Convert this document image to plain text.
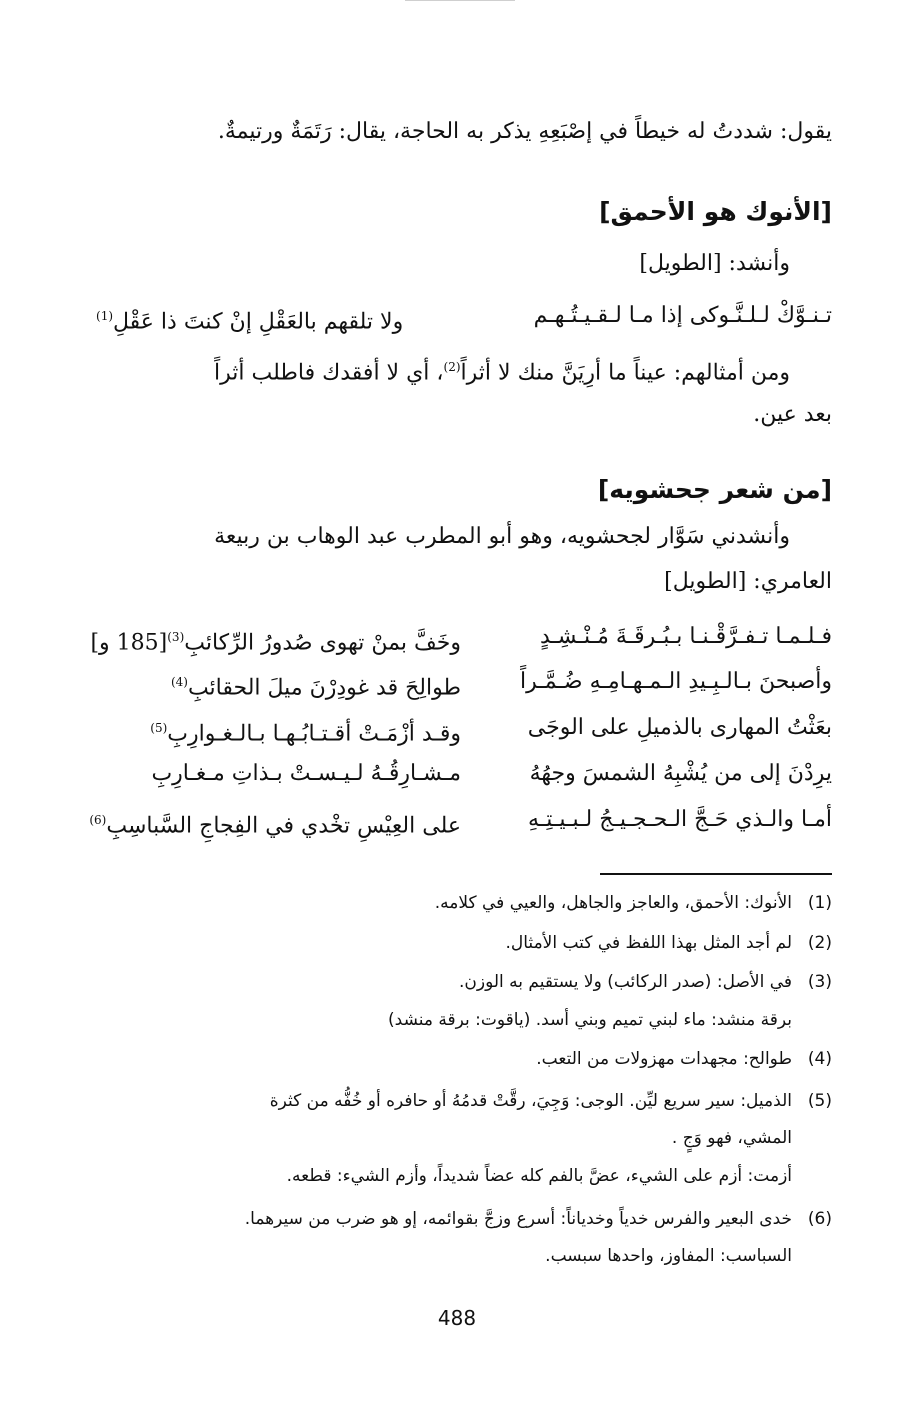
يقول: شددتُ له خيطاً في إصْبَعِهِ يذكر به الحاجة، يقال: رَتَمَةٌ ورتيمةٌ.
[الأنوك هو الأحمق]
وأنشد: [الطويل]
تـنـوَّكْ لـلـنَّـوكى إذا مـا لـقـيـتُـهـم
ولا تلقهم بالعَقْلِ إنْ كنتَ ذا عَقْلِ$^{(1)}$
ومن أمثالهم: عيناً ما أرِيَنَّ منك لا أثراً$^{(2)}$، أي لا أفقدك فاطلب أثراً
بعد عين.
[من شعر جحشويه]
وأنشدني سَوَّار لجحشويه، وهو أبو المطرب عبد الوهاب بن ربيعة
العامري: [الطويل]
فـلـمـا تـفـرَّقْـنـا بـبُـرقَـةَ مُـنْـشِـدٍ
وخَفَّ بمنْ تهوى صُدورُ الرِّكائبِ$^{(3)}$[185 و]
وأصبحنَ بـالـبِـيدِ الـمـهـامِـهِ ضُـمَّـراً
طوالِحَ قد غودِرْنَ ميلَ الحقائبِ$^{(4)}$
بعَثْتُ المهارى بالذميلِ على الوجَى
وقـد أزْمَـتْ أقـتـابُـهـا بـالـغـوارِبِ$^{(5)}$
يرِدْنَ إلى من يُشْبِهُ الشمسَ وجهُهُ
مـشـارِقُـهُ لـيـسـتْ بـذاتِ مـغـارِبِ
أمـا والـذي حَـجَّ الـحـجـيـجُ لـبـيـتِـهِ
على العِيْسِ تخْدي في الفِجاجِ السَّباسِبِ$^{(6)}$
(1)الأنوك: الأحمق، والعاجز والجاهل، والعيي في كلامه.
(2)لم أجد المثل بهذا اللفظ في كتب الأمثال.
(3)في الأصل: (صدر الركائب) ولا يستقيم به الوزن.
برقة منشد: ماء لبني تميم وبني أسد. (ياقوت: برقة منشد)
(4)طوالح: مجهدات مهزولات من التعب.
(5)الذميل: سير سريع ليِّن. الوجى: وَجِيَ، رقَّتْ قدمُهُ أو حافره أو خُفُّه من كثرة
المشي، فهو وَجٍ .
أزمت: أزم على الشيء، عضَّ بالفم كله عضاً شديداً، وأزم الشيء: قطعه.
(6)خدى البعير والفرس خدياً وخدياناً: أسرع وزجَّ بقوائمه، إو هو ضرب من سيرهما.
السباسب: المفاوز، واحدها سبسب.
488
